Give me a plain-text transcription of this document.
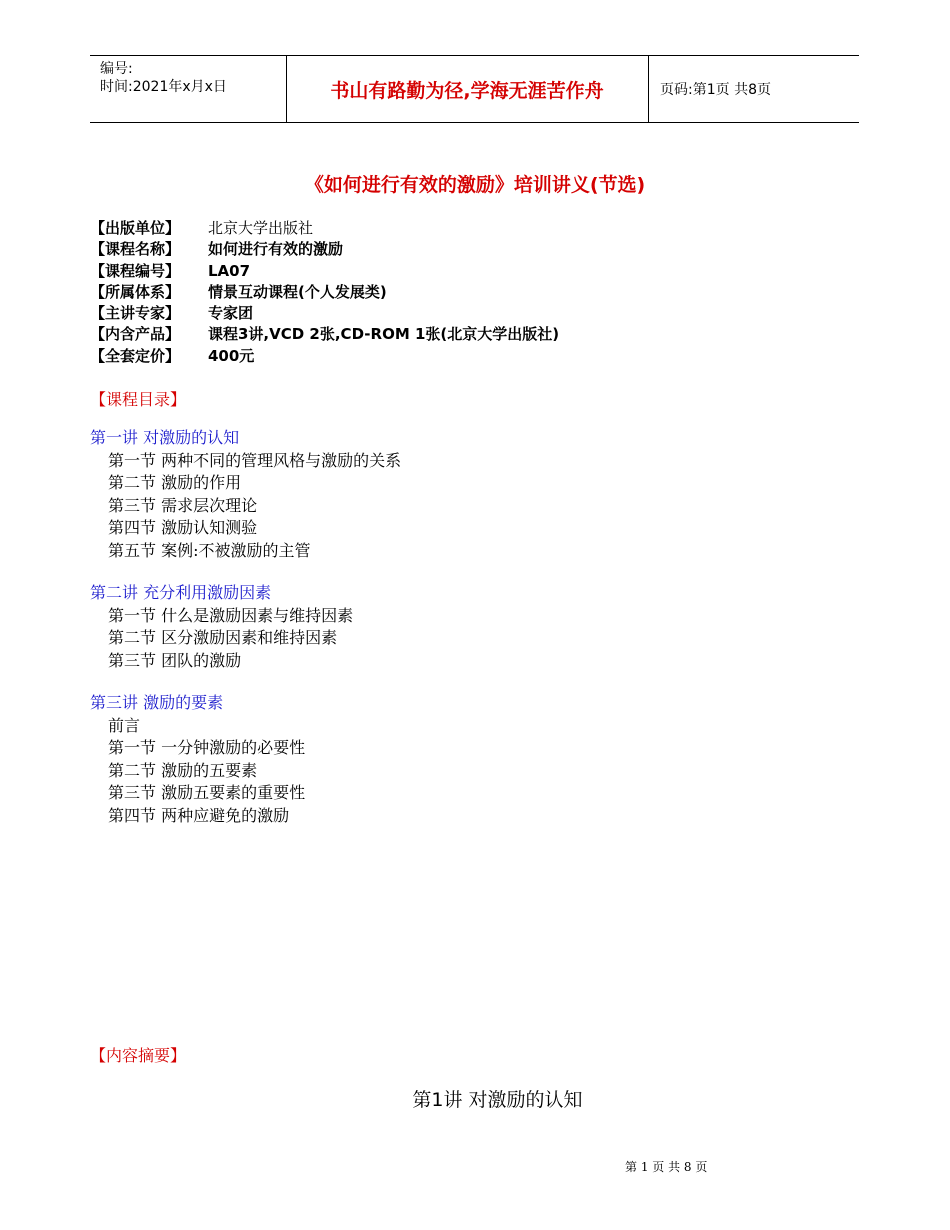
编号:
时间:2021年x月x日	书山有路勤为径,学海无涯苦作舟	页码:第1页 共8页
《如何进行有效的激励》培训讲义(节选)
【出版单位】 北京大学出版社
【课程名称】 如何进行有效的激励
【课程编号】 LA07
【所属体系】 情景互动课程(个人发展类)
【主讲专家】 专家团
【内含产品】 课程3讲,VCD 2张,CD-ROM 1张(北京大学出版社)
【全套定价】 400元
【课程目录】
第一讲 对激励的认知
第一节 两种不同的管理风格与激励的关系
第二节 激励的作用
第三节 需求层次理论
第四节 激励认知测验
第五节 案例:不被激励的主管
第二讲 充分利用激励因素
第一节 什么是激励因素与维持因素
第二节 区分激励因素和维持因素
第三节 团队的激励
第三讲 激励的要素
前言
第一节 一分钟激励的必要性
第二节 激励的五要素
第三节 激励五要素的重要性
第四节 两种应避免的激励
【内容摘要】
第1讲 对激励的认知
第 1 页 共 8 页
